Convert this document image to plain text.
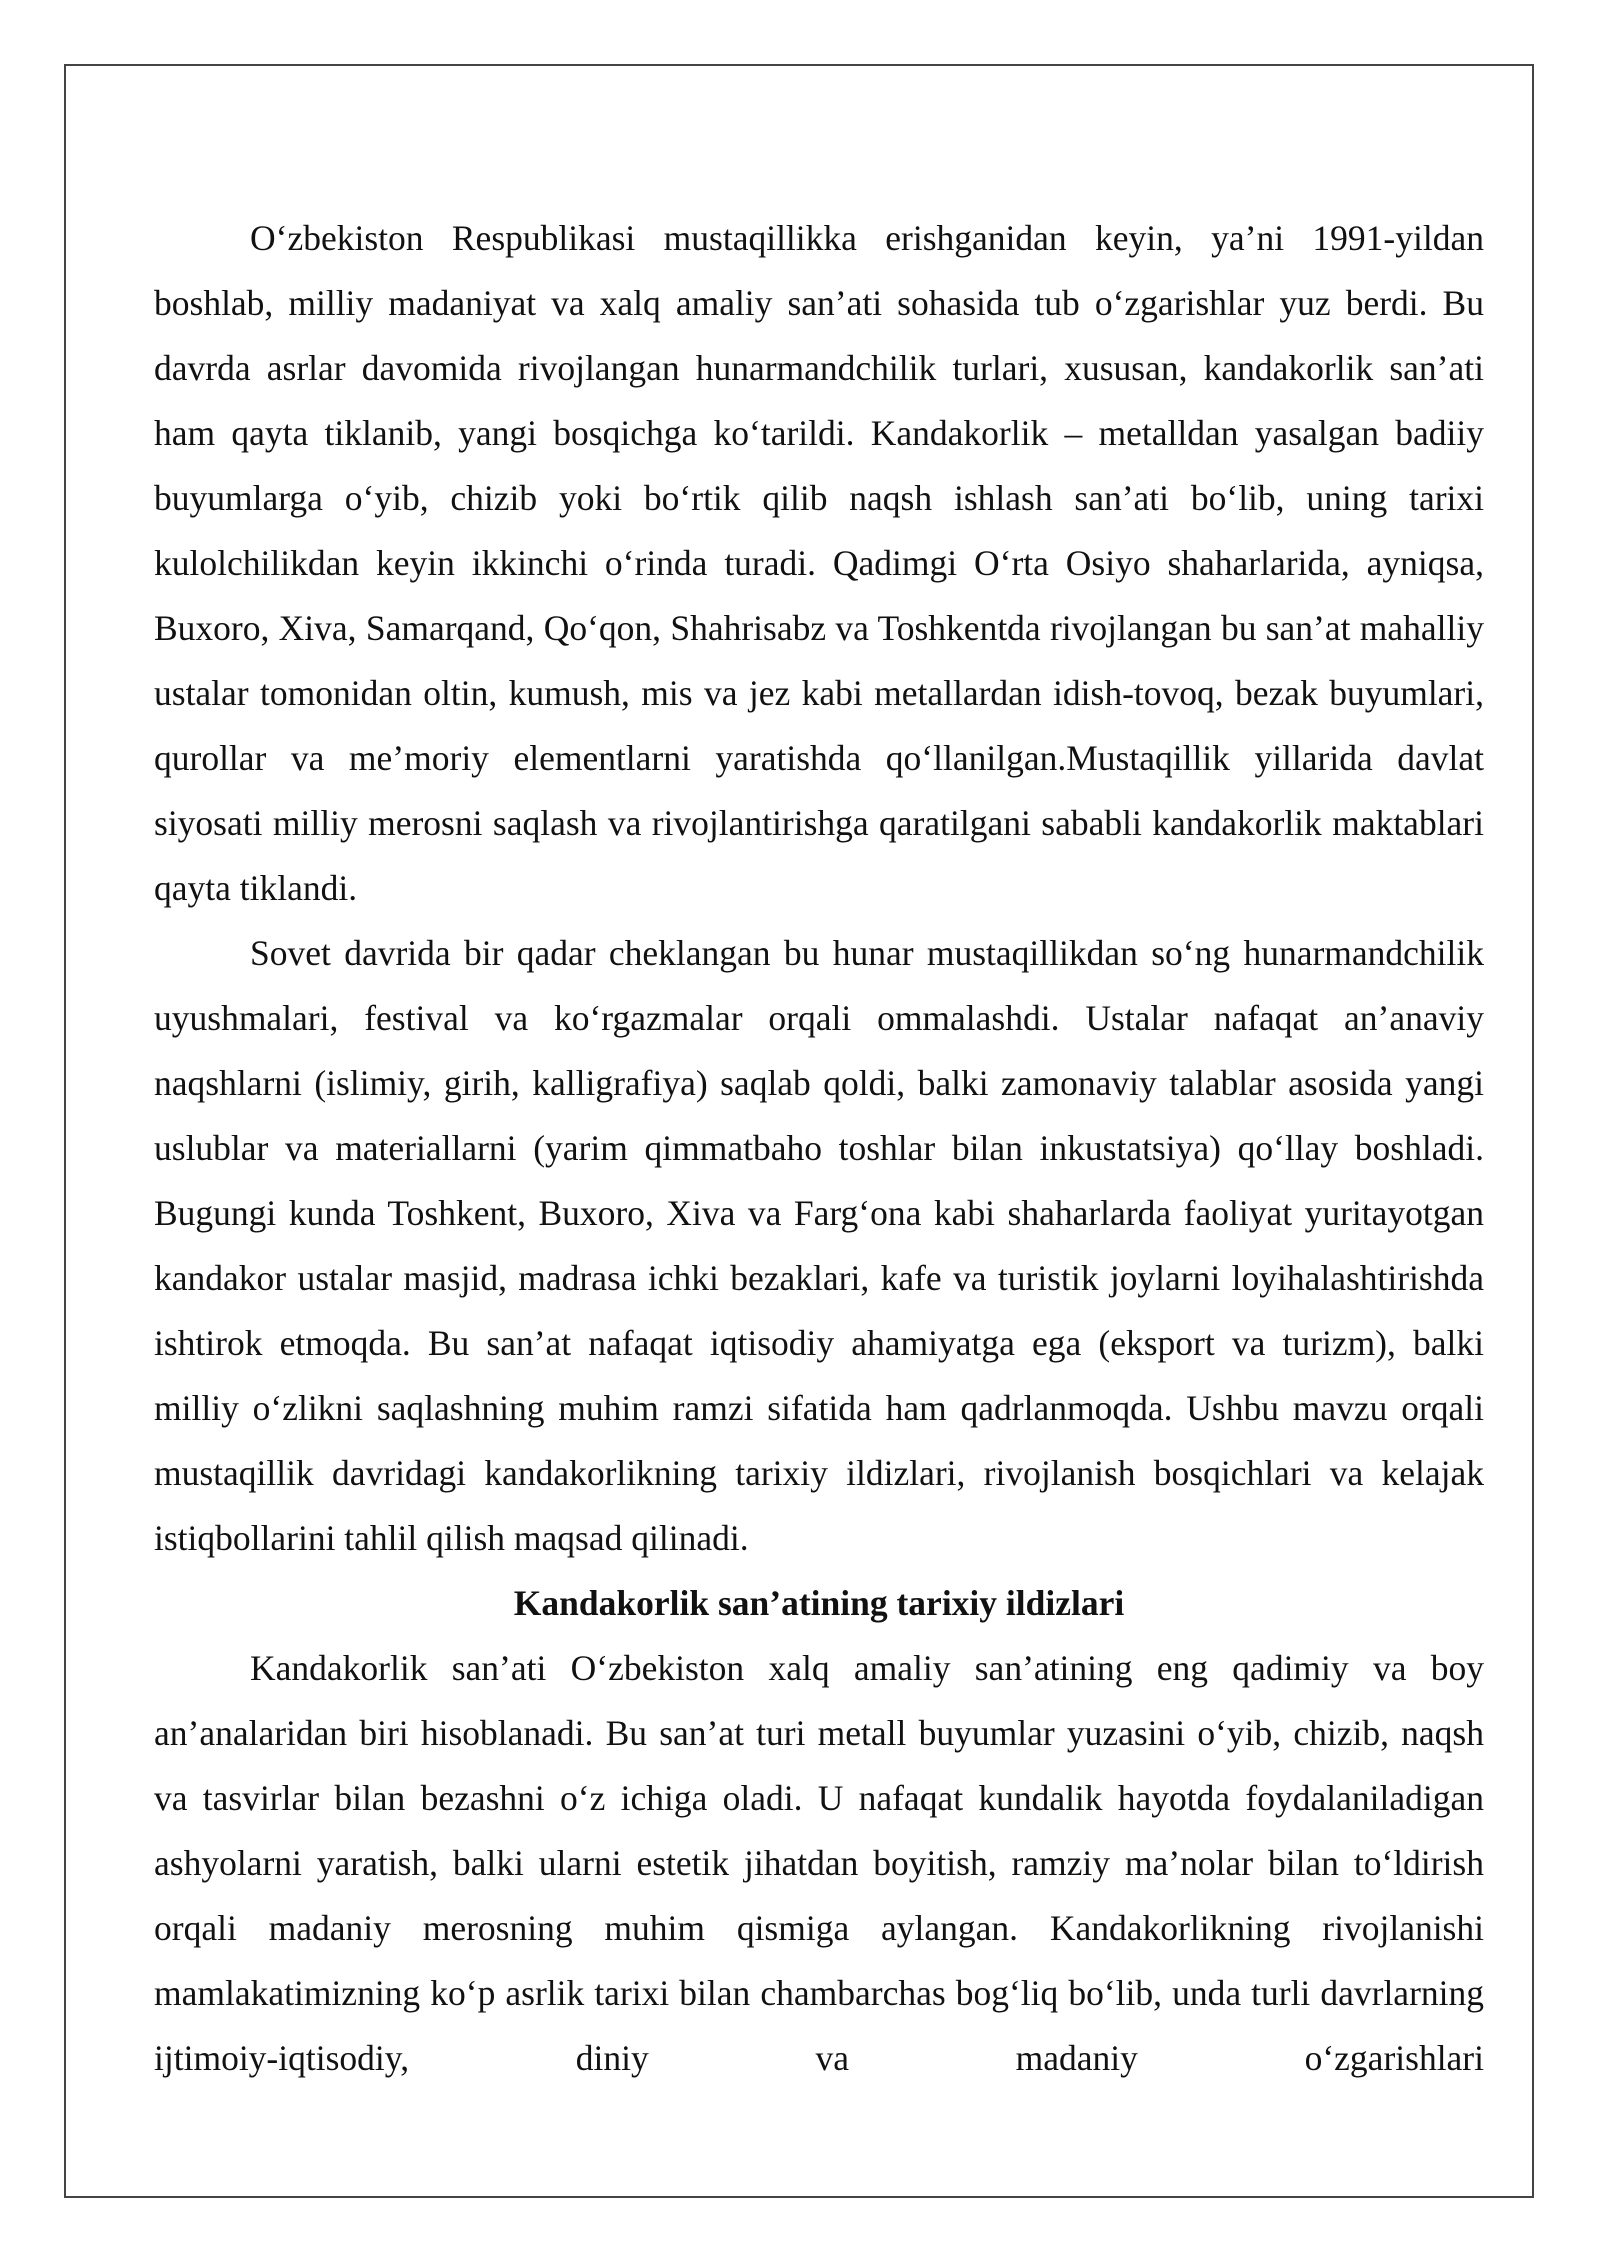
O‘zbekiston Respublikasi mustaqillikka erishganidan keyin, ya’ni 1991-yildan boshlab, milliy madaniyat va xalq amaliy san’ati sohasida tub o‘zgarishlar yuz berdi. Bu davrda asrlar davomida rivojlangan hunarmandchilik turlari, xususan, kandakorlik san’ati ham qayta tiklanib, yangi bosqichga ko‘tarildi. Kandakorlik – metalldan yasalgan badiiy buyumlarga o‘yib, chizib yoki bo‘rtik qilib naqsh ishlash san’ati bo‘lib, uning tarixi kulolchilikdan keyin ikkinchi o‘rinda turadi. Qadimgi O‘rta Osiyo shaharlarida, ayniqsa, Buxoro, Xiva, Samarqand, Qo‘qon, Shahrisabz va Toshkentda rivojlangan bu san’at mahalliy ustalar tomonidan oltin, kumush, mis va jez kabi metallardan idish-tovoq, bezak buyumlari, qurollar va me’moriy elementlarni yaratishda qo‘llanilgan.Mustaqillik yillarida davlat siyosati milliy merosni saqlash va rivojlantirishga qaratilgani sababli kandakorlik maktablari qayta tiklandi.

Sovet davrida bir qadar cheklangan bu hunar mustaqillikdan so‘ng hunarmandchilik uyushmalari, festival va ko‘rgazmalar orqali ommalashdi. Ustalar nafaqat an’anaviy naqshlarni (islimiy, girih, kalligrafiya) saqlab qoldi, balki zamonaviy talablar asosida yangi uslublar va materiallarni (yarim qimmatbaho toshlar bilan inkustatsiya) qo‘llay boshladi. Bugungi kunda Toshkent, Buxoro, Xiva va Farg‘ona kabi shaharlarda faoliyat yuritayotgan kandakor ustalar masjid, madrasa ichki bezaklari, kafe va turistik joylarni loyihalashtirishda ishtirok etmoqda. Bu san’at nafaqat iqtisodiy ahamiyatga ega (eksport va turizm), balki milliy o‘zlikni saqlashning muhim ramzi sifatida ham qadrlanmoqda. Ushbu mavzu orqali mustaqillik davridagi kandakorlikning tarixiy ildizlari, rivojlanish bosqichlari va kelajak istiqbollarini tahlil qilish maqsad qilinadi.

Kandakorlik san’atining tarixiy ildizlari

Kandakorlik san’ati O‘zbekiston xalq amaliy san’atining eng qadimiy va boy an’analaridan biri hisoblanadi. Bu san’at turi metall buyumlar yuzasini o‘yib, chizib, naqsh va tasvirlar bilan bezashni o‘z ichiga oladi. U nafaqat kundalik hayotda foydalaniladigan ashyolarni yaratish, balki ularni estetik jihatdan boyitish, ramziy ma’nolar bilan to‘ldirish orqali madaniy merosning muhim qismiga aylangan. Kandakorlikning rivojlanishi mamlakatimizning ko‘p asrlik tarixi bilan chambarchas bog‘liq bo‘lib, unda turli davrlarning ijtimoiy-iqtisodiy, diniy va madaniy o‘zgarishlari
